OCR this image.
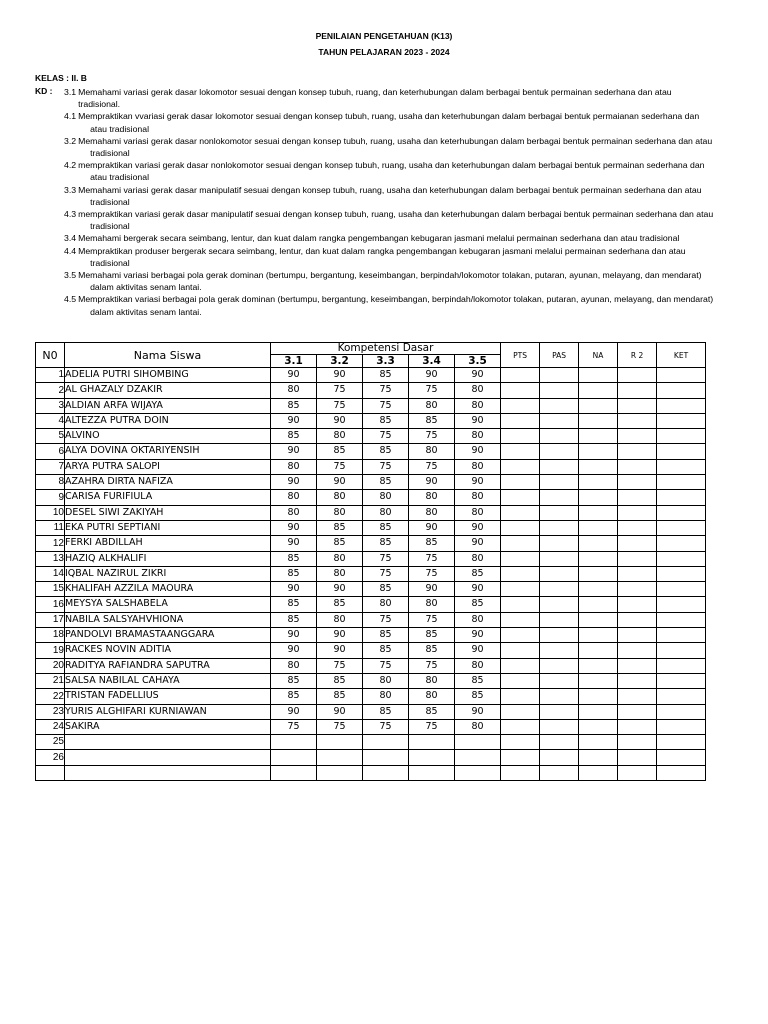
PENILAIAN PENGETAHUAN (K13)
TAHUN PELAJARAN 2023 - 2024
KELAS : II. B
KD : 3.1 Memahami variasi gerak dasar lokomotor sesuai dengan konsep tubuh, ruang, dan keterhubungan dalam berbagai bentuk permainan sederhana dan atau tradisional.
4.1 Mempraktikan vvariasi gerak dasar lokomotor sesuai dengan konsep tubuh, ruang, usaha dan keterhubungan dalam berbagai bentuk permaianan sederhana dan atau tradisional
3.2 Memahami variasi gerak dasar nonlokomotor sesuai dengan konsep tubuh, ruang, usaha dan keterhubungan dalam berbagai bentuk permainan sederhana dan atau tradisional
4.2 mempraktikan variasi gerak dasar nonlokomotor sesuai dengan konsep tubuh, ruang, usaha dan keterhubungan dalam berbagai bentuk permainan sederhana dan atau tradisional
3.3 Memahami variasi gerak dasar manipulatif sesuai dengan konsep tubuh, ruang, usaha dan keterhubungan dalam berbagai bentuk permainan sederhana dan atau tradisional
4.3 mempraktikan variasi gerak dasar manipulatif sesuai dengan konsep tubuh, ruang, usaha dan keterhubungan dalam berbagai bentuk permainan sederhana dan atau tradisional
3.4 Memahami bergerak secara seimbang, lentur, dan kuat dalam rangka pengembangan kebugaran jasmani melalui permainan sederhana dan atau tradisional
4.4 Mempraktikan produser bergerak secara seimbang, lentur, dan kuat dalam rangka pengembangan kebugaran jasmani melalui permainan sederhana dan atau tradisional
3.5 Memahami variasi berbagai pola gerak dominan (bertumpu, bergantung, keseimbangan, berpindah/lokomotor tolakan, putaran, ayunan, melayang, dan mendarat) dalam aktivitas senam lantai.
4.5 Mempraktikan variasi berbagai pola gerak dominan (bertumpu, bergantung, keseimbangan, berpindah/lokomotor tolakan, putaran, ayunan, melayang, dan mendarat) dalam aktivitas senam lantai.
N0	Nama Siswa	Kompetensi Dasar					PTS	PAS	NA	R 2	KET
		3.1	3.2	3.3	3.4	3.5					
1	ADELIA PUTRI SIHOMBING	90	90	85	90	90					
2	AL GHAZALY DZAKIR	80	75	75	75	80					
3	ALDIAN ARFA WIJAYA	85	75	75	80	80					
4	ALTEZZA PUTRA DOIN	90	90	85	85	90					
5	ALVINO	85	80	75	75	80					
6	ALYA DOVINA OKTARIYENSIH	90	85	85	80	90					
7	ARYA PUTRA SALOPI	80	75	75	75	80					
8	AZAHRA DIRTA NAFIZA	90	90	85	90	90					
9	CARISA FURIFIULA	80	80	80	80	80					
10	DESEL SIWI ZAKIYAH	80	80	80	80	80					
11	EKA PUTRI SEPTIANI	90	85	85	90	90					
12	FERKI ABDILLAH	90	85	85	85	90					
13	HAZIQ ALKHALIFI	85	80	75	75	80					
14	IQBAL NAZIRUL ZIKRI	85	80	75	75	85					
15	KHALIFAH AZZILA MAOURA	90	90	85	90	90					
16	MEYSYA SALSHABELA	85	85	80	80	85					
17	NABILA SALSYAHVHIONA	85	80	75	75	80					
18	PANDOLVI BRAMASTAANGGARA	90	90	85	85	90					
19	RACKES NOVIN ADITIA	90	90	85	85	90					
20	RADITYA RAFIANDRA SAPUTRA	80	75	75	75	80					
21	SALSA NABILAL CAHAYA	85	85	80	80	85					
22	TRISTAN FADELLIUS	85	85	80	80	85					
23	YURIS ALGHIFARI KURNIAWAN	90	90	85	85	90					
24	SAKIRA	75	75	75	75	80					
25											
26											
